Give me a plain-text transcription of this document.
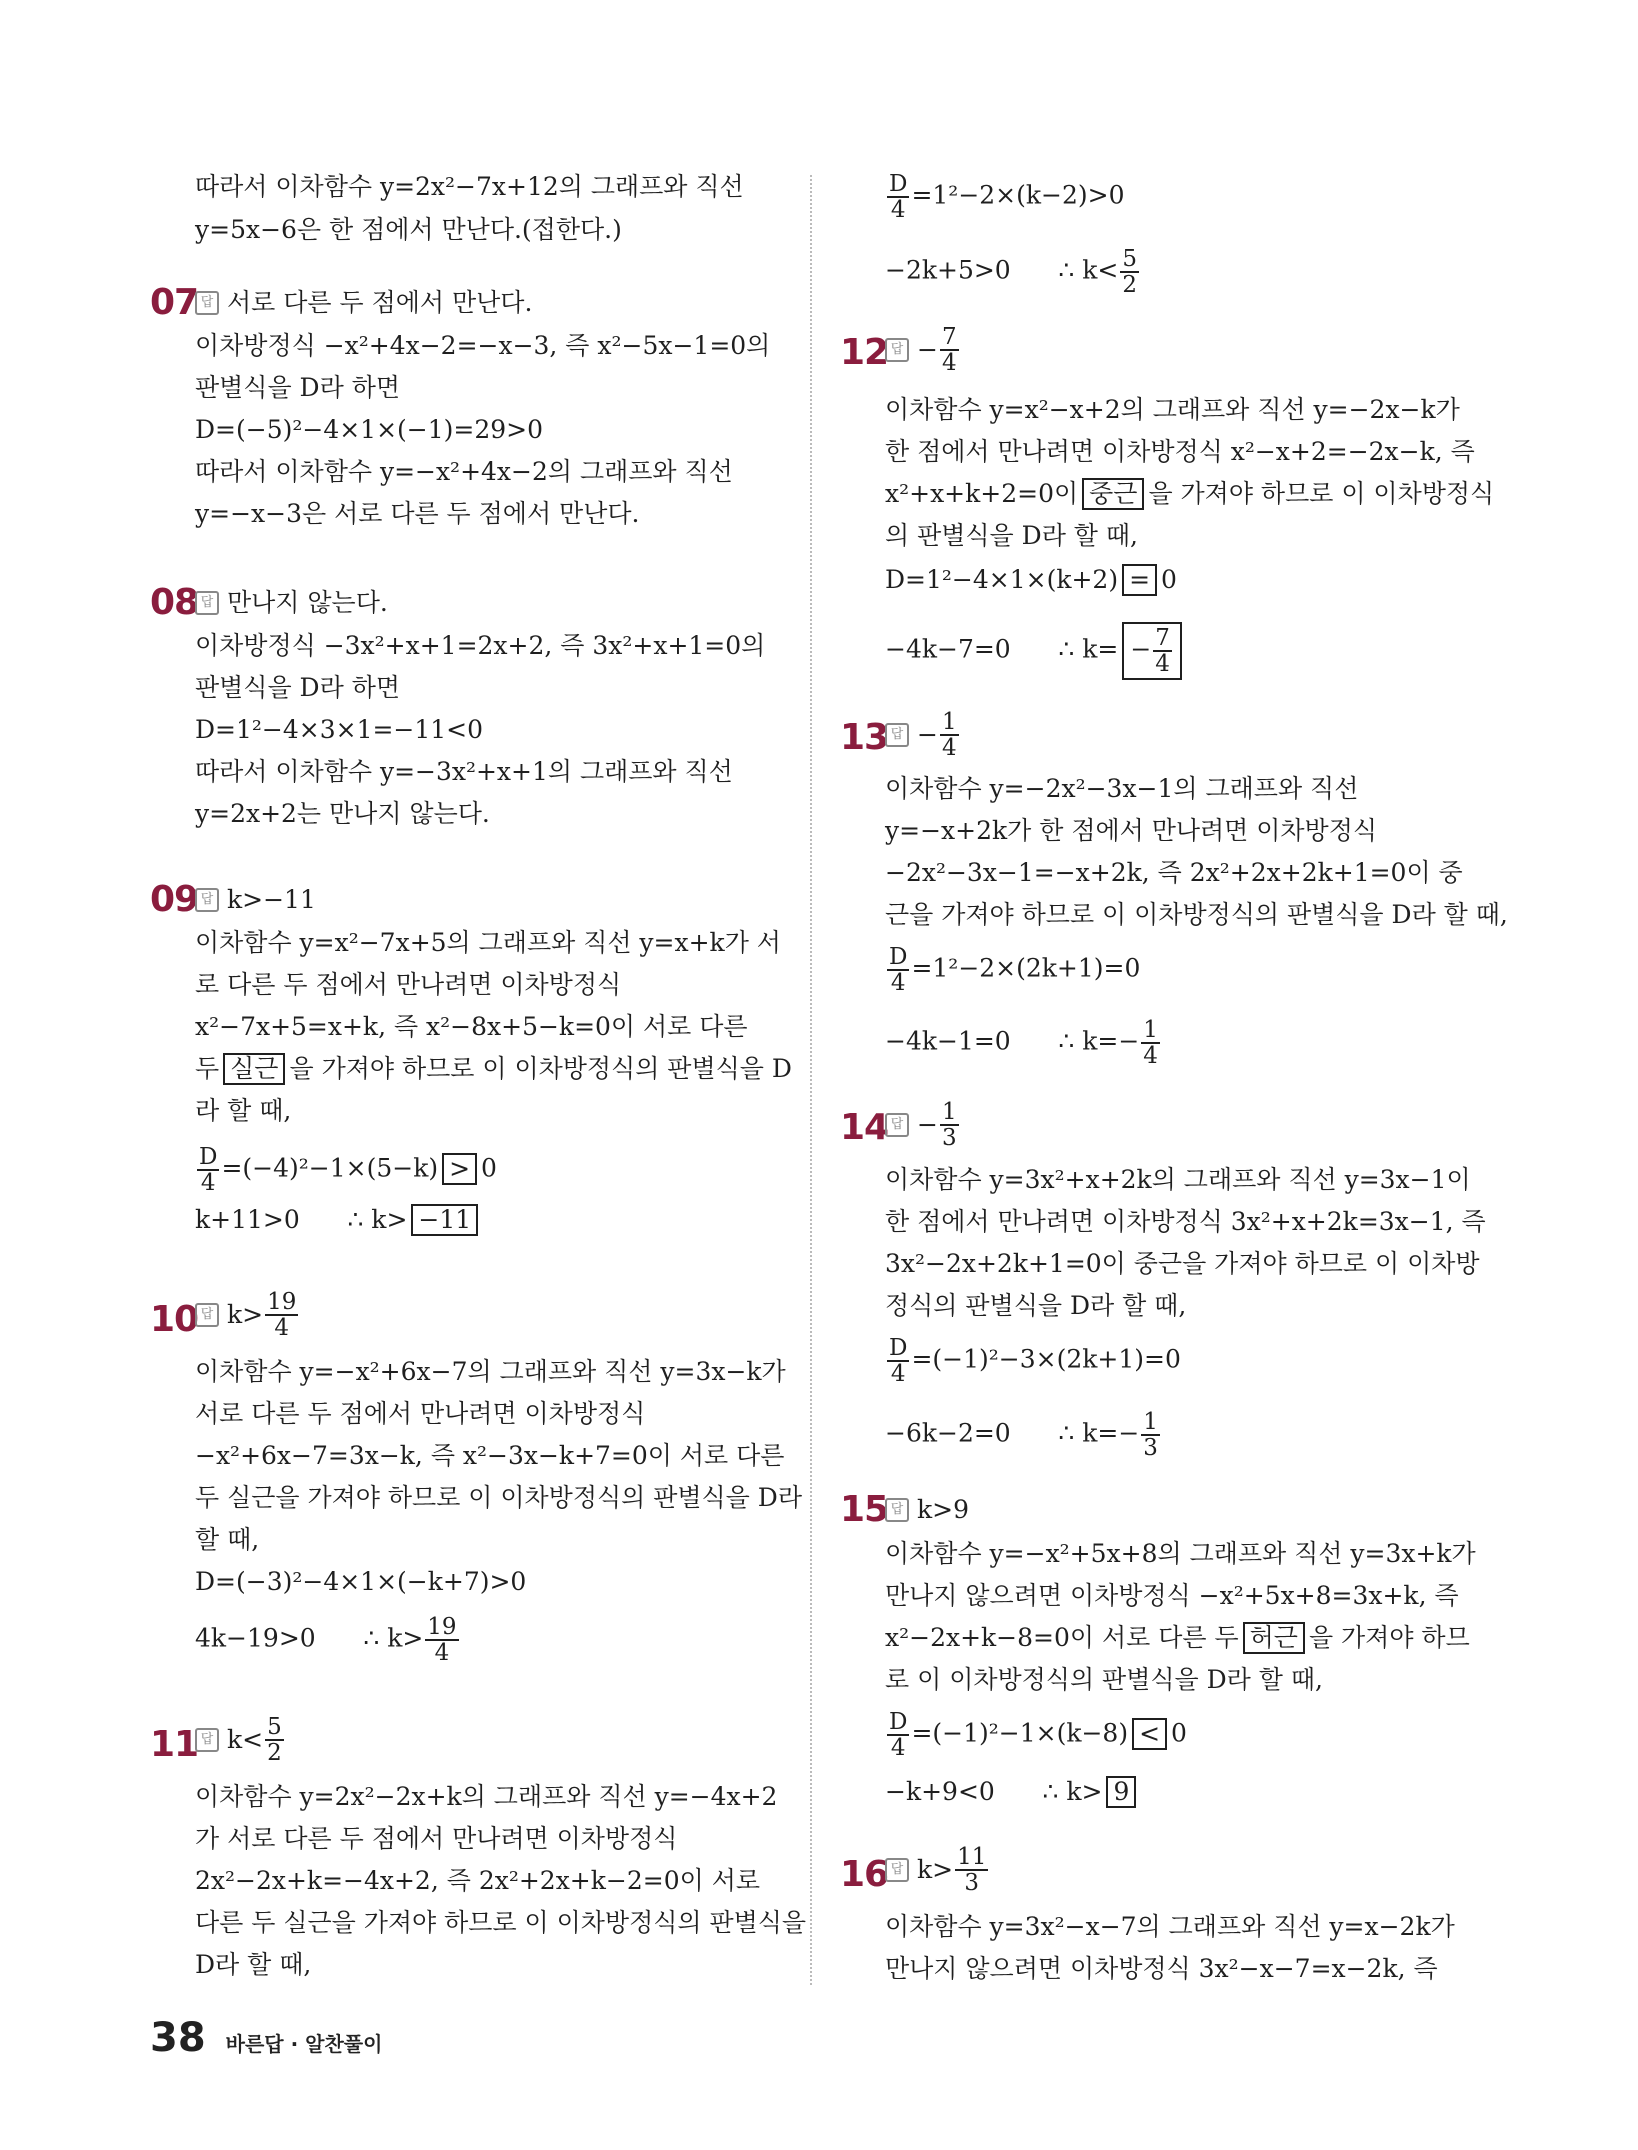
따라서 이차함수 y=2x²−7x+12의 그래프와 직선
y=5x−6은 한 점에서 만난다.(접한다.)
07 답 서로 다른 두 점에서 만난다.
이차방정식 −x²+4x−2=−x−3, 즉 x²−5x−1=0의
판별식을 D라 하면
D=(−5)²−4×1×(−1)=29>0
따라서 이차함수 y=−x²+4x−2의 그래프와 직선
y=−x−3은 서로 다른 두 점에서 만난다.
08 답 만나지 않는다.
이차방정식 −3x²+x+1=2x+2, 즉 3x²+x+1=0의
판별식을 D라 하면
D=1²−4×3×1=−11<0
따라서 이차함수 y=−3x²+x+1의 그래프와 직선
y=2x+2는 만나지 않는다.
09 답 k>−11
이차함수 y=x²−7x+5의 그래프와 직선 y=x+k가 서
로 다른 두 점에서 만나려면 이차방정식
x²−7x+5=x+k, 즉 x²−8x+5−k=0이 서로 다른
두 실근 을 가져야 하므로 이 이차방정식의 판별식을 D
라 할 때,
$\frac{D}{4} =(-4)^2-1\times(5-k) > 0$
k+11>0      ∴ k> −11
10 답 $k> \frac{19}{4}$
이차함수 y=−x²+6x−7의 그래프와 직선 y=3x−k가
서로 다른 두 점에서 만나려면 이차방정식
−x²+6x−7=3x−k, 즉 x²−3x−k+7=0이 서로 다른
두 실근을 가져야 하므로 이 이차방정식의 판별식을 D라
할 때,
D=(−3)²−4×1×(−k+7)>0
4k−19>0      ∴ $k> \frac{19}{4}$
11 답 $k< \frac{5}{2}$
이차함수 y=2x²−2x+k의 그래프와 직선 y=−4x+2
가 서로 다른 두 점에서 만나려면 이차방정식
2x²−2x+k=−4x+2, 즉 2x²+2x+k−2=0이 서로
다른 두 실근을 가져야 하므로 이 이차방정식의 판별식을
D라 할 때,
$\frac{D}{4} =1^2-2\times(k-2)>0$
−2k+5>0      ∴ $k< \frac{5}{2}$
12 답 − $\frac{7}{4}$
이차함수 y=x²−x+2의 그래프와 직선 y=−2x−k가
한 점에서 만나려면 이차방정식 x²−x+2=−2x−k, 즉
x²+x+k+2=0이 중근 을 가져야 하므로 이 이차방정식
의 판별식을 D라 할 때,
D=1²−4×1×(k+2) = 0
−4k−7=0      ∴ $k= - \frac{7}{4}$
13 답 − $\frac{1}{4}$
이차함수 y=−2x²−3x−1의 그래프와 직선
y=−x+2k가 한 점에서 만나려면 이차방정식
−2x²−3x−1=−x+2k, 즉 2x²+2x+2k+1=0이 중
근을 가져야 하므로 이 이차방정식의 판별식을 D라 할 때,
$\frac{D}{4} =1^2-2\times(2k+1)=0$
−4k−1=0      ∴ $k=- \frac{1}{4}$
14 답 − $\frac{1}{3}$
이차함수 y=3x²+x+2k의 그래프와 직선 y=3x−1이
한 점에서 만나려면 이차방정식 3x²+x+2k=3x−1, 즉
3x²−2x+2k+1=0이 중근을 가져야 하므로 이 이차방
정식의 판별식을 D라 할 때,
$\frac{D}{4} =(-1)^2-3\times(2k+1)=0$
−6k−2=0      ∴ $k=- \frac{1}{3}$
15 답 k>9
이차함수 y=−x²+5x+8의 그래프와 직선 y=3x+k가
만나지 않으려면 이차방정식 −x²+5x+8=3x+k, 즉
x²−2x+k−8=0이 서로 다른 두 허근 을 가져야 하므
로 이 이차방정식의 판별식을 D라 할 때,
$\frac{D}{4} =(-1)^2-1\times(k-8) < 0$
−k+9<0      ∴ k> 9
16 답 $k> \frac{11}{3}$
이차함수 y=3x²−x−7의 그래프와 직선 y=x−2k가
만나지 않으려면 이차방정식 3x²−x−7=x−2k, 즉
38 바른답 · 알찬풀이
